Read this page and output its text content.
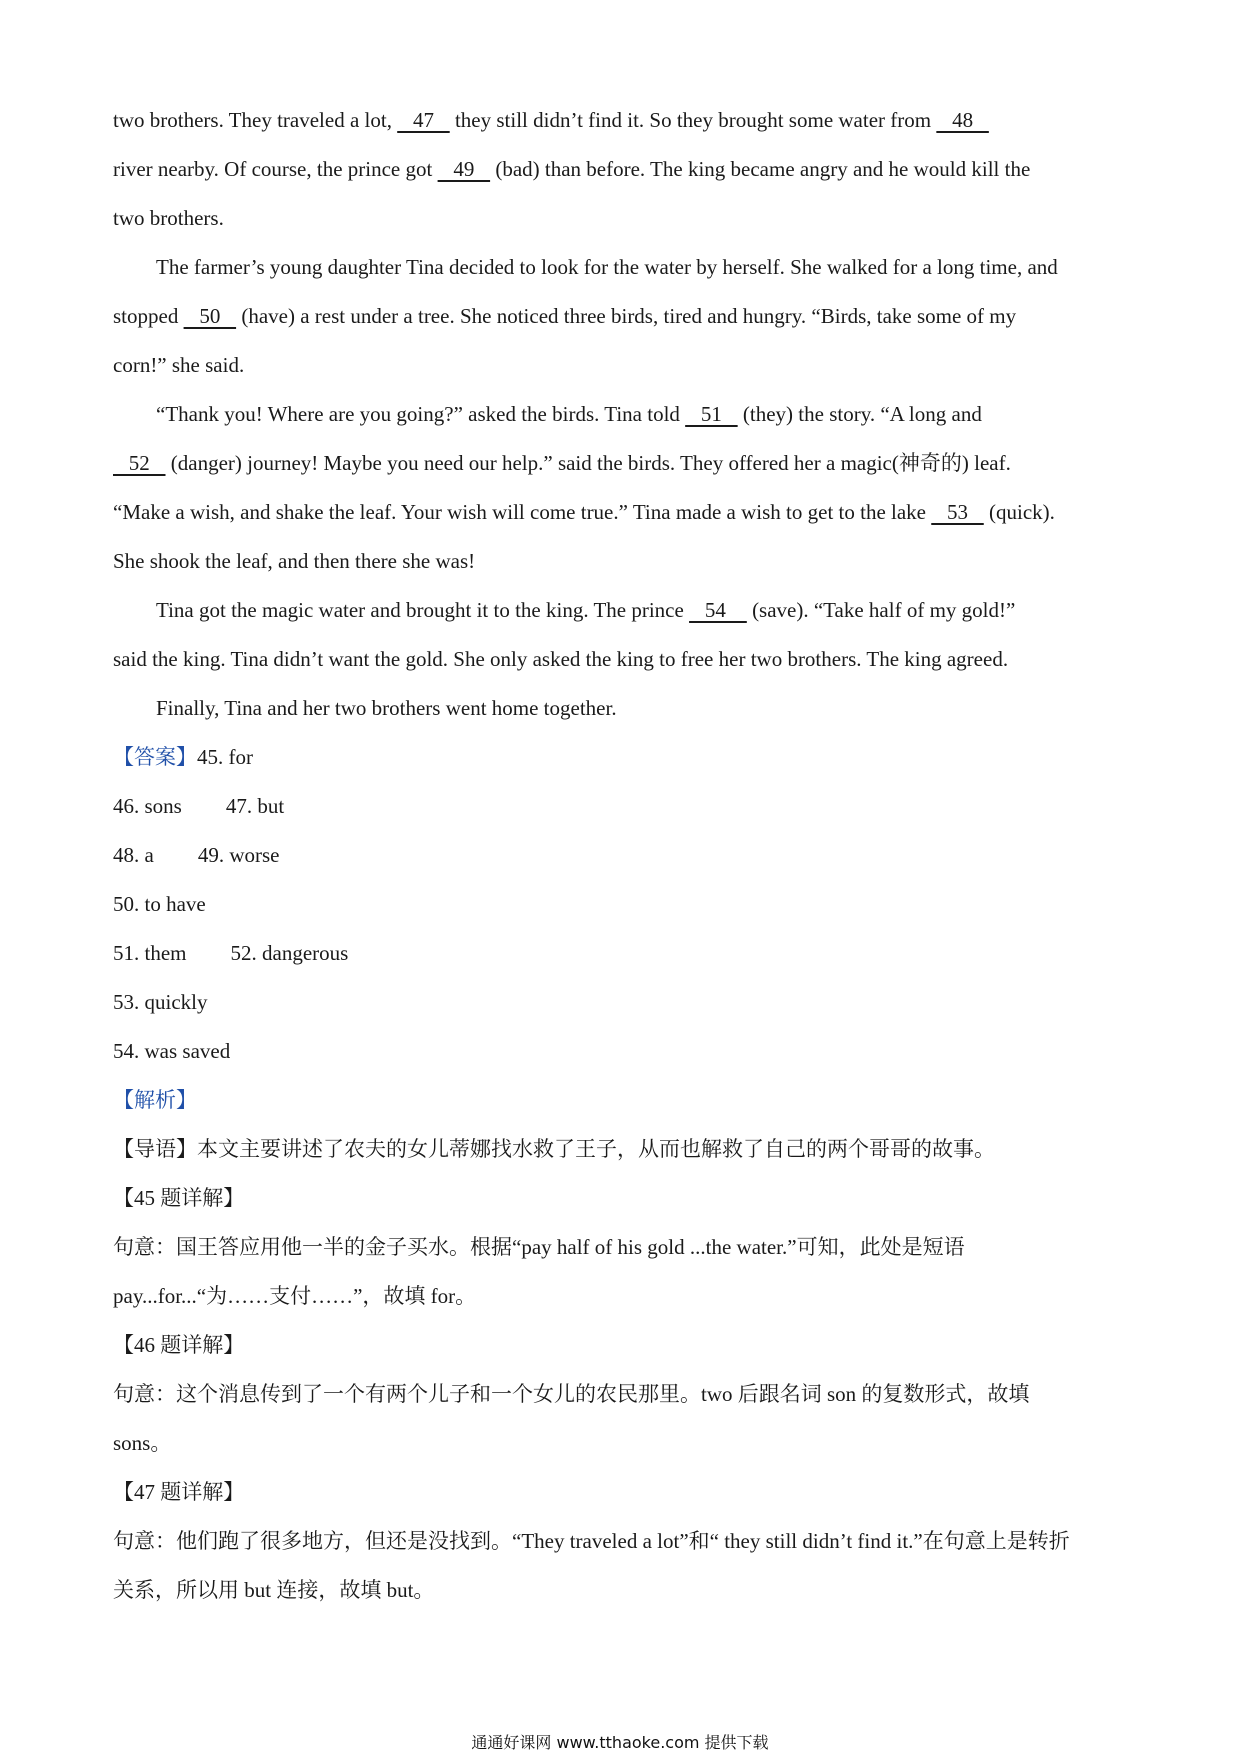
two brothers. They traveled a lot,    47    they still didn’t find it. So they brought some water from    48
river nearby. Of course, the prince got    49    (bad) than before. The king became angry and he would kill the
two brothers.
The farmer’s young daughter Tina decided to look for the water by herself. She walked for a long time, and
stopped    50    (have) a rest under a tree. She noticed three birds, tired and hungry. “Birds, take some of my
corn!” she said.
“Thank you! Where are you going?” asked the birds. Tina told    51    (they) the story. “A long and
52    (danger) journey! Maybe you need our help.” said the birds. They offered her a magic(神奇的) leaf.
“Make a wish, and shake the leaf. Your wish will come true.” Tina made a wish to get to the lake    53    (quick).
She shook the leaf, and then there she was!
Tina got the magic water and brought it to the king. The prince    54     (save). “Take half of my gold!”
said the king. Tina didn’t want the gold. She only asked the king to free her two brothers. The king agreed.
Finally, Tina and her two brothers went home together.
【答案】45. for
46. sons 47. but
48. a 49. worse
50. to have
51. them 52. dangerous
53. quickly
54. was saved
【解析】
【导语】本文主要讲述了农夫的女儿蒂娜找水救了王子，从而也解救了自己的两个哥哥的故事。
【45 题详解】
句意：国王答应用他一半的金子买水。根据“pay half of his gold ...the water.”可知，此处是短语
pay...for...“为……支付……”，故填 for。
【46 题详解】
句意：这个消息传到了一个有两个儿子和一个女儿的农民那里。two 后跟名词 son 的复数形式，故填
sons。
【47 题详解】
句意：他们跑了很多地方，但还是没找到。“They traveled a lot”和“ they still didn’t find it.”在句意上是转折
关系，所以用 but 连接，故填 but。
通通好课网 www.tthaoke.com 提供下载
